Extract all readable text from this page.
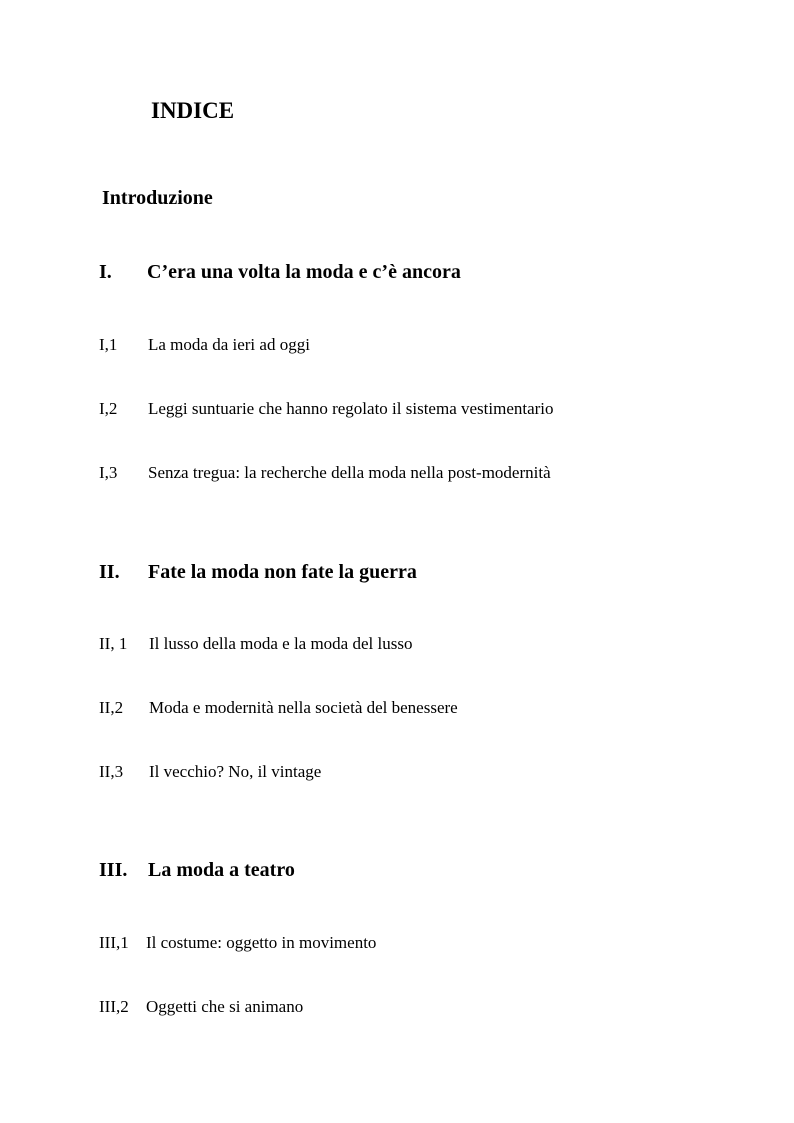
INDICE
Introduzione
I. C’era una volta la moda e c’è ancora
I,1 La moda da ieri ad oggi
I,2 Leggi suntuarie che hanno regolato il sistema vestimentario
I,3 Senza tregua: la recherche della moda nella post-modernità
II. Fate la moda non fate la guerra
II, 1 Il lusso della moda e la moda del lusso
II,2 Moda e modernità nella società del benessere
II,3 Il vecchio? No, il vintage
III. La moda a teatro
III,1 Il costume: oggetto in movimento
III,2 Oggetti che si animano
